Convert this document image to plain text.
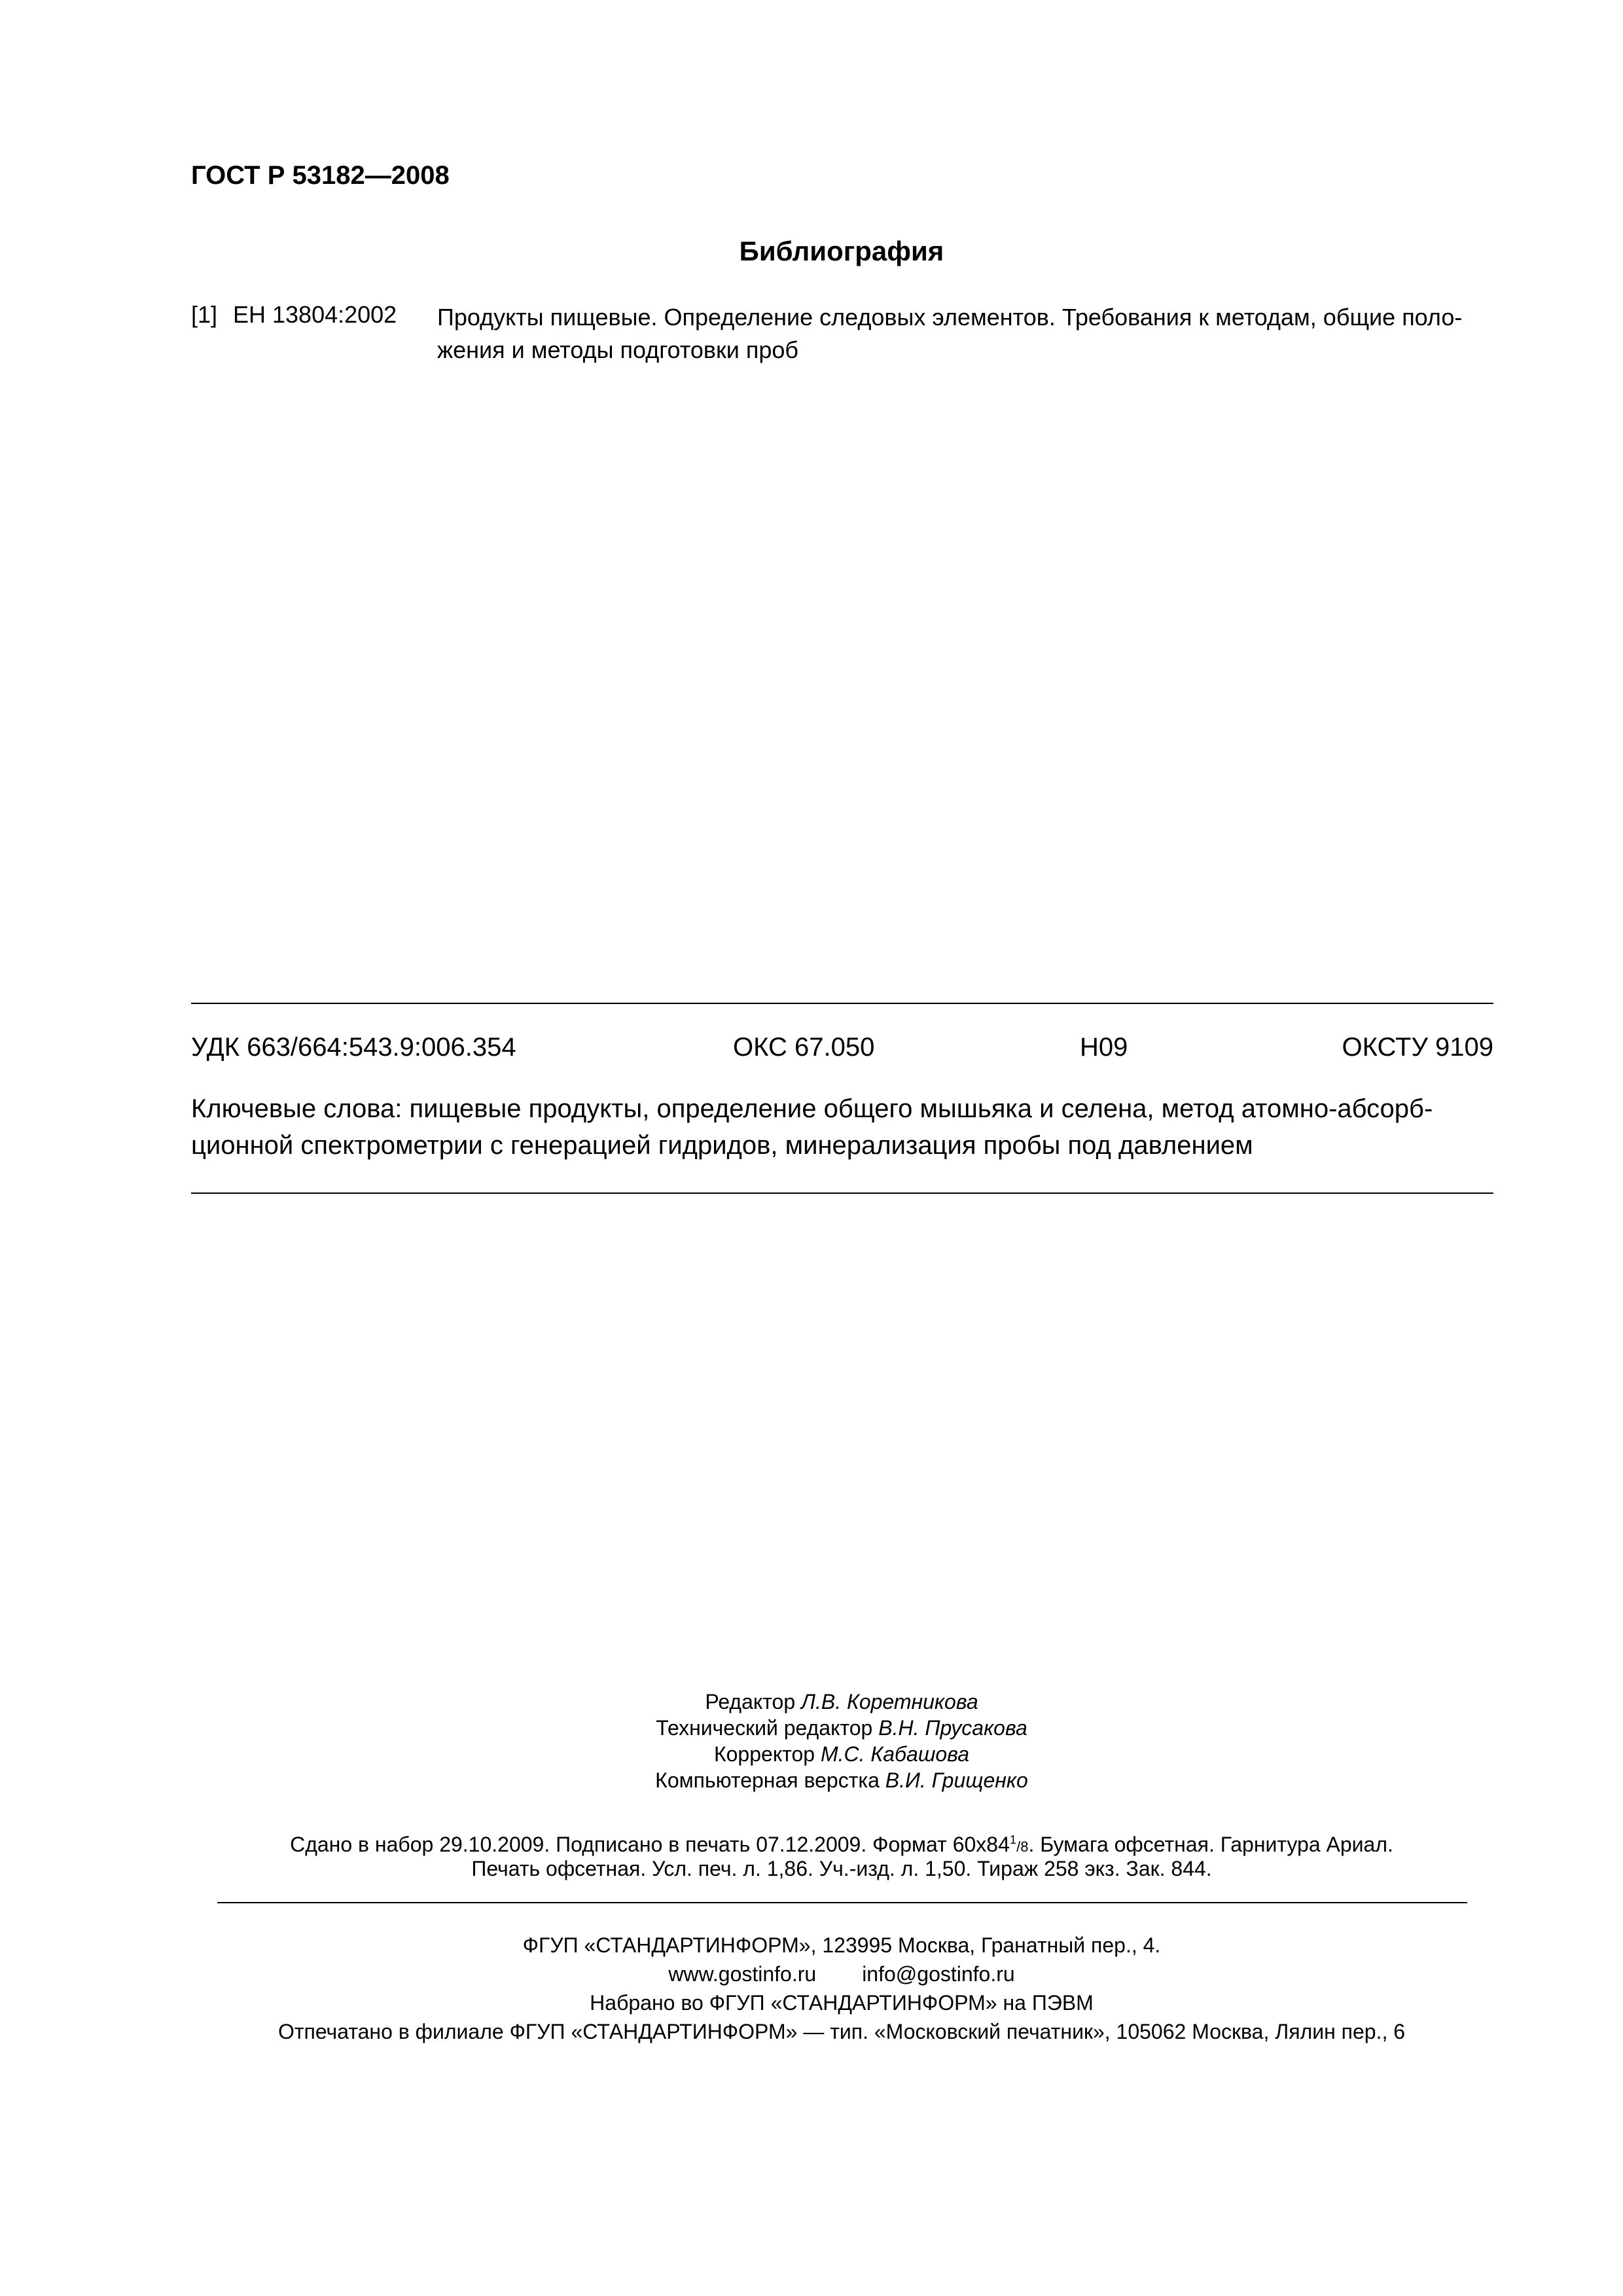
ГОСТ Р 53182—2008
Библиография
[1] ЕН 13804:2002 Продукты пищевые. Определение следовых элементов. Требования к методам, общие поло-жения и методы подготовки проб
УДК 663/664:543.9:006.354	ОКС 67.050	Н09	ОКСТУ 9109
Ключевые слова: пищевые продукты, определение общего мышьяка и селена, метод атомно-абсорб-ционной спектрометрии с генерацией гидридов, минерализация пробы под давлением
Редактор Л.В. Коретникова
Технический редактор В.Н. Прусакова
Корректор М.С. Кабашова
Компьютерная верстка В.И. Грищенко
Сдано в набор 29.10.2009. Подписано в печать 07.12.2009. Формат $60х84^1/8$. Бумага офсетная. Гарнитура Ариал.
Печать офсетная. Усл. печ. л. 1,86. Уч.-изд. л. 1,50. Тираж 258 экз. Зак. 844.
ФГУП «СТАНДАРТИНФОРМ», 123995 Москва, Гранатный пер., 4.
www.gostinfo.ru info@gostinfo.ru
Набрано во ФГУП «СТАНДАРТИНФОРМ» на ПЭВМ
Отпечатано в филиале ФГУП «СТАНДАРТИНФОРМ» — тип. «Московский печатник», 105062 Москва, Лялин пер., 6
